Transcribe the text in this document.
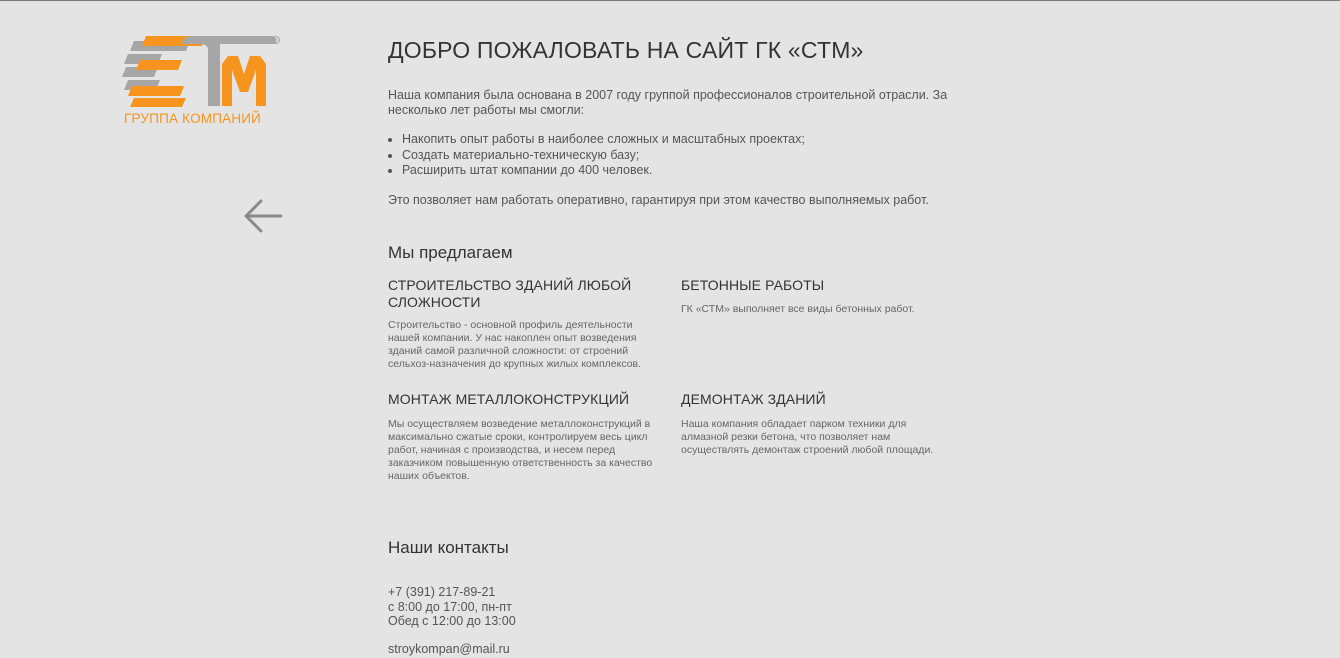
®
ГРУППА КОМПАНИЙ
ДОБРО ПОЖАЛОВАТЬ НА САЙТ ГК «СТМ»

Наша компания была основана в 2007 году группой профессионалов строительной отрасли. За несколько лет работы мы смогли:

• Накопить опыт работы в наиболее сложных и масштабных проектах;
• Создать материально-техническую базу;
• Расширить штат компании до 400 человек.

Это позволяет нам работать оперативно, гарантируя при этом качество выполняемых работ.

Мы предлагаем
СТРОИТЕЛЬСТВО ЗДАНИЙ ЛЮБОЙ СЛОЖНОСТИ

Строительство - основной профиль деятельности нашей компании. У нас накоплен опыт возведения зданий самой различной сложности: от строений сельхоз-назначения до крупных жилых комплексов.

БЕТОННЫЕ РАБОТЫ

ГК «СТМ» выполняет все виды бетонных работ.

МОНТАЖ МЕТАЛЛОКОНСТРУКЦИЙ

Мы осуществляем возведение металлоконструкций в максимально сжатые сроки, контролируем весь цикл работ, начиная с производства, и несем перед заказчиком повышенную ответственность за качество наших объектов.

ДЕМОНТАЖ ЗДАНИЙ

Наша компания обладает парком техники для алмазной резки бетона, что позволяет нам осуществлять демонтаж строений любой площади.

Наши контакты
+7 (391) 217-89-21
с 8:00 до 17:00, пн-пт
Обед с 12:00 до 13:00
stroykompan@mail.ru
